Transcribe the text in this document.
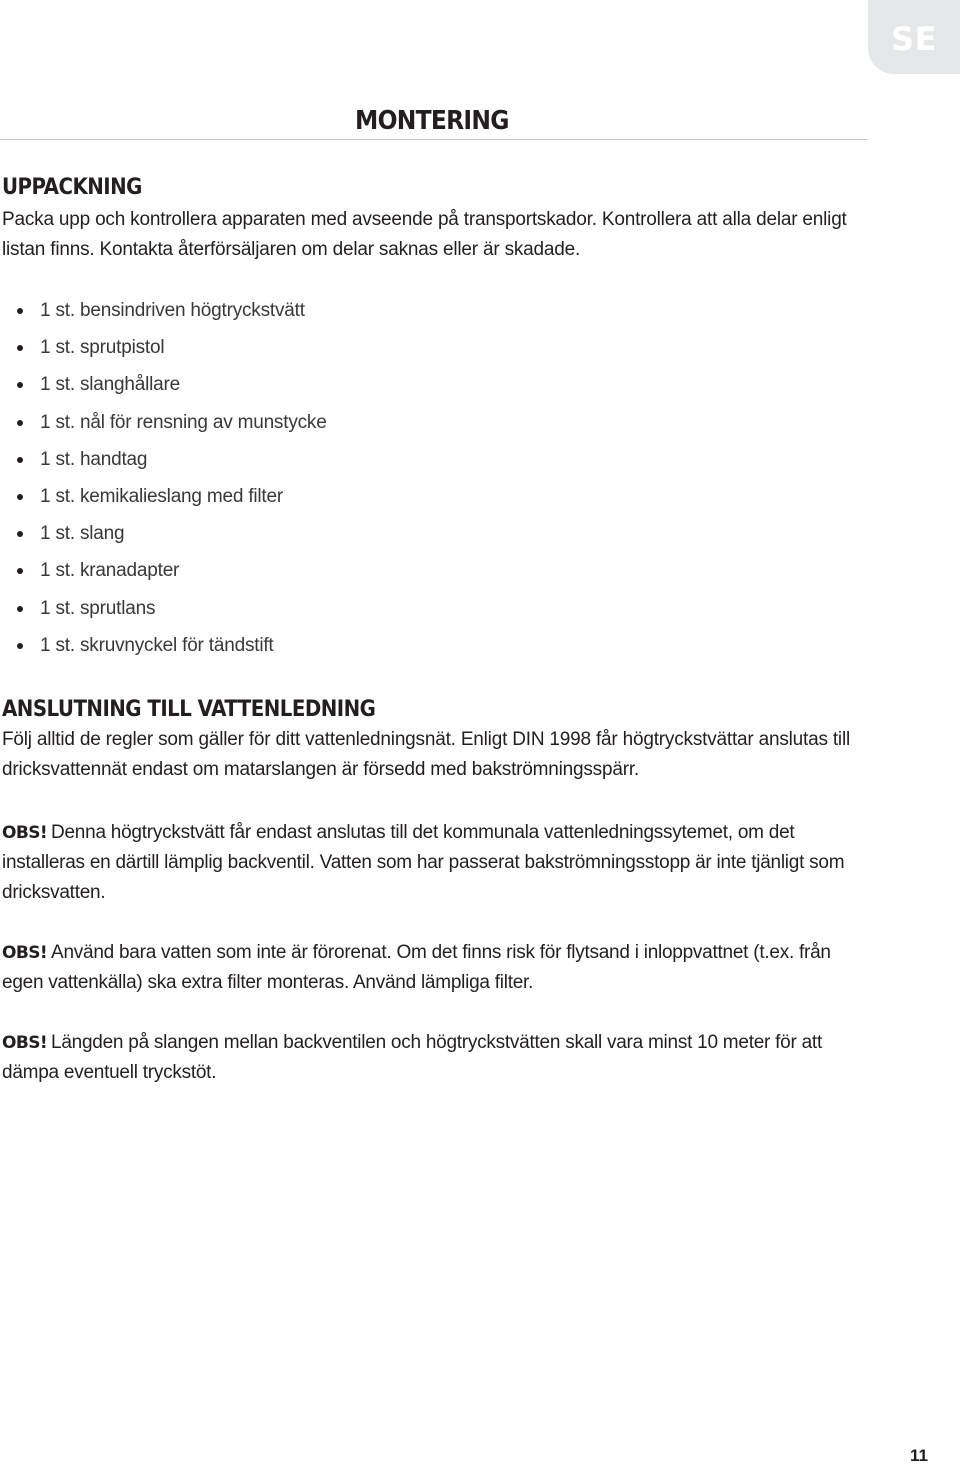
SE
MONTERING
UPPACKNING

Packa upp och kontrollera apparaten med avseende på transportskador. Kontrollera att alla delar enligt listan finns. Kontakta återförsäljaren om delar saknas eller är skadade.

1 st. bensindriven högtryckstvätt
1 st. sprutpistol
1 st. slanghållare
1 st. nål för rensning av munstycke
1 st. handtag
1 st. kemikalieslang med filter
1 st. slang
1 st. kranadapter
1 st. sprutlans
1 st. skruvnyckel för tändstift
ANSLUTNING TILL VATTENLEDNING

Följ alltid de regler som gäller för ditt vattenledningsnät. Enligt DIN 1998 får högtryckstvättar anslutas till dricksvattennät endast om matarslangen är försedd med bakströmningsspärr.

OBS! Denna högtryckstvätt får endast anslutas till det kommunala vattenledningssytemet, om det installeras en därtill lämplig backventil. Vatten som har passerat bakströmningsstopp är inte tjänligt som dricksvatten.

OBS! Använd bara vatten som inte är förorenat. Om det finns risk för flytsand i inloppvattnet (t.ex. från egen vattenkälla) ska extra filter monteras. Använd lämpliga filter.

OBS! Längden på slangen mellan backventilen och högtryckstvätten skall vara minst 10 meter för att dämpa eventuell tryckstöt.

11
